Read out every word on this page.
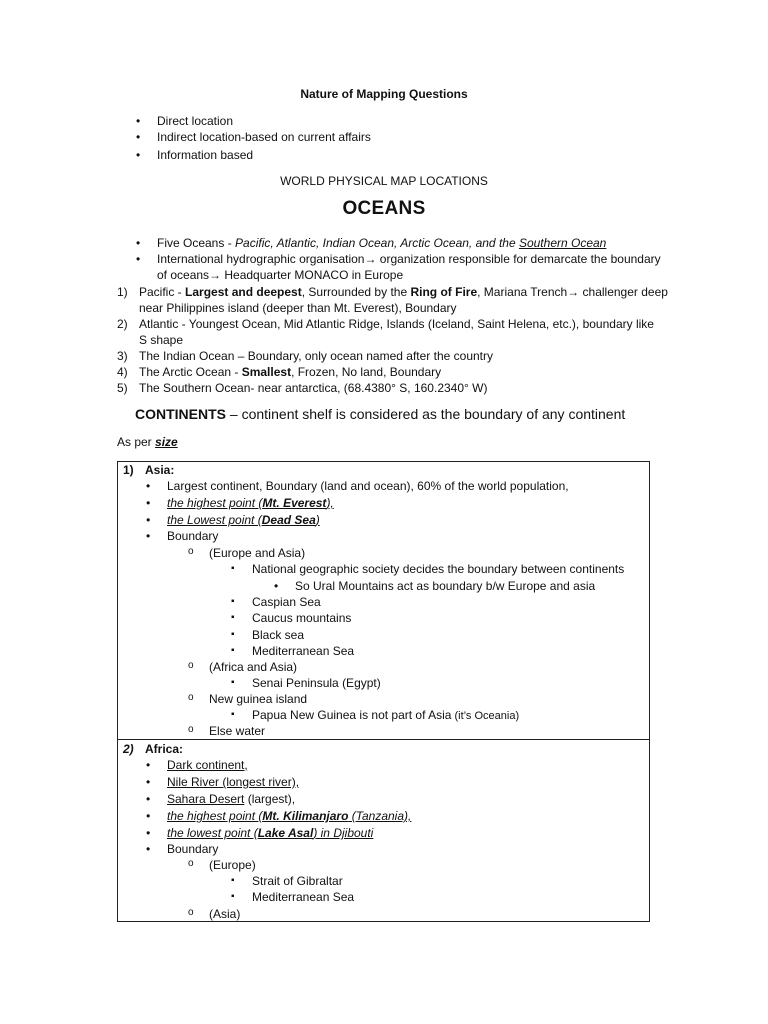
Nature of Mapping Questions
• Direct location
• Indirect location-based on current affairs
• Information based
WORLD PHYSICAL MAP LOCATIONS
OCEANS
• Five Oceans - Pacific, Atlantic, Indian Ocean, Arctic Ocean, and the Southern Ocean
• International hydrographic organisation→ organization responsible for demarcate the boundary
of oceans→ Headquarter MONACO in Europe
1) Pacific - Largest and deepest, Surrounded by the Ring of Fire, Mariana Trench→ challenger deep
near Philippines island (deeper than Mt. Everest), Boundary
2) Atlantic - Youngest Ocean, Mid Atlantic Ridge, Islands (Iceland, Saint Helena, etc.), boundary like
S shape
3) The Indian Ocean – Boundary, only ocean named after the country
4) The Arctic Ocean - Smallest, Frozen, No land, Boundary
5) The Southern Ocean- near antarctica, (68.4380° S, 160.2340° W)
CONTINENTS – continent shelf is considered as the boundary of any continent
As per size
1) Asia:
• Largest continent, Boundary (land and ocean), 60% of the world population,
• the highest point (Mt. Everest),
• the Lowest point (Dead Sea)
• Boundary
o (Europe and Asia)
▪ National geographic society decides the boundary between continents
• So Ural Mountains act as boundary b/w Europe and asia
▪ Caspian Sea
▪ Caucus mountains
▪ Black sea
▪ Mediterranean Sea
o (Africa and Asia)
▪ Senai Peninsula (Egypt)
o New guinea island
▪ Papua New Guinea is not part of Asia (it’s Oceania)
o Else water
2) Africa:
• Dark continent,
• Nile River (longest river),
• Sahara Desert (largest),
• the highest point (Mt. Kilimanjaro (Tanzania),
• the lowest point (Lake Asal) in Djibouti
• Boundary
o (Europe)
▪ Strait of Gibraltar
▪ Mediterranean Sea
o (Asia)
